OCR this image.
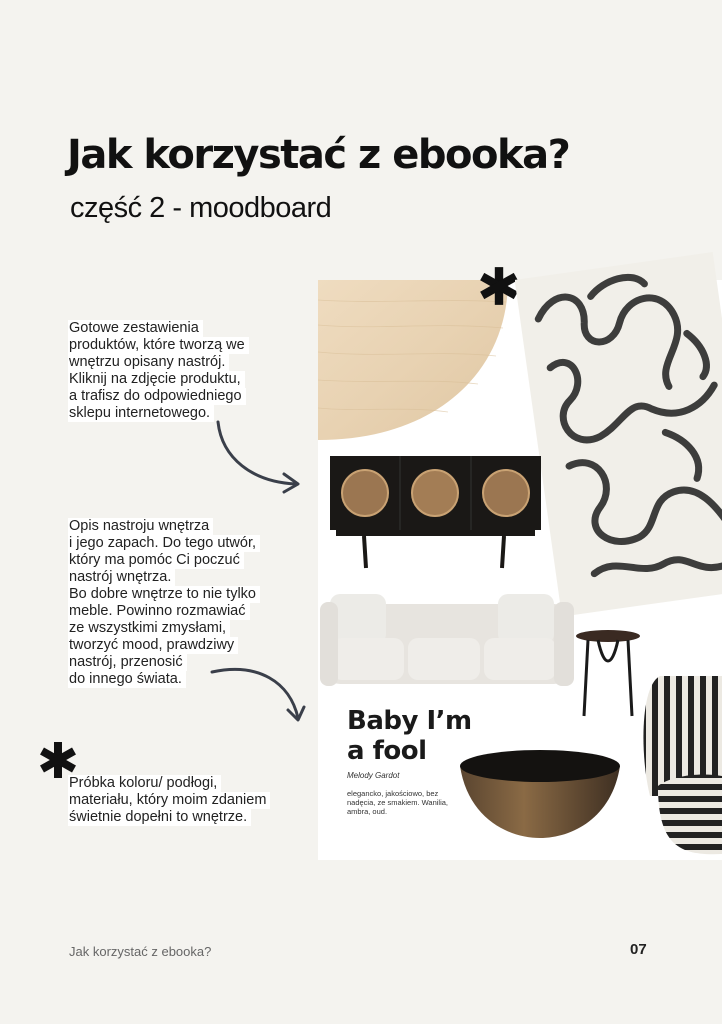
Jak korzystać z ebooka?
część 2 - moodboard
Gotowe zestawienia
produktów, które tworzą we
wnętrzu opisany nastrój.
Kliknij na zdjęcie produktu,
a trafisz do odpowiedniego
sklepu internetowego.
Opis nastroju wnętrza
i jego zapach. Do tego utwór,
który ma pomóc Ci poczuć
nastrój wnętrza.
Bo dobre wnętrze to nie tylko
meble. Powinno rozmawiać
ze wszystkimi zmysłami,
tworzyć mood, prawdziwy
nastrój, przenosić
do innego świata.
Próbka koloru/ podłogi,
materiału, który moim zdaniem
świetnie dopełni to wnętrze.
Baby I’m
a fool
Melody Gardot
elegancko, jakościowo, bez nadęcia, ze smakiem. Wanilia, ambra, oud.
Jak korzystać z ebooka?	07
